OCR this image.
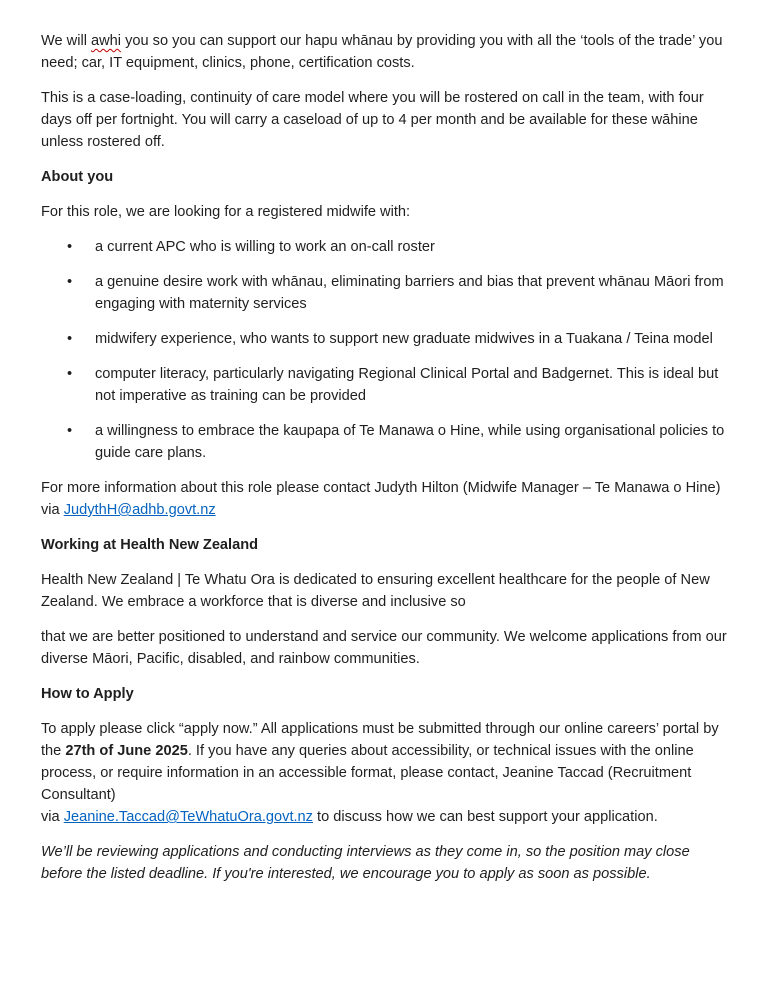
We will awhi you so you can support our hapu whānau by providing you with all the ‘tools of the trade’ you need; car, IT equipment, clinics, phone, certification costs.

This is a case-loading, continuity of care model where you will be rostered on call in the team, with four days off per fortnight. You will carry a caseload of up to 4 per month and be available for these wāhine unless rostered off.

About you

For this role, we are looking for a registered midwife with:

• a current APC who is willing to work an on-call roster
• a genuine desire work with whānau, eliminating barriers and bias that prevent whānau Māori from engaging with maternity services
• midwifery experience, who wants to support new graduate midwives in a Tuakana / Teina model
• computer literacy, particularly navigating Regional Clinical Portal and Badgernet. This is ideal but not imperative as training can be provided
• a willingness to embrace the kaupapa of Te Manawa o Hine, while using organisational policies to guide care plans.

For more information about this role please contact Judyth Hilton (Midwife Manager – Te Manawa o Hine) via JudythH@adhb.govt.nz

Working at Health New Zealand

Health New Zealand | Te Whatu Ora is dedicated to ensuring excellent healthcare for the people of New Zealand. We embrace a workforce that is diverse and inclusive so

that we are better positioned to understand and service our community. We welcome applications from our diverse Māori, Pacific, disabled, and rainbow communities.

How to Apply

To apply please click “apply now.” All applications must be submitted through our online careers’ portal by the 27th of June 2025. If you have any queries about accessibility, or technical issues with the online process, or require information in an accessible format, please contact, Jeanine Taccad (Recruitment Consultant)
via Jeanine.Taccad@TeWhatuOra.govt.nz to discuss how we can best support your application.

We’ll be reviewing applications and conducting interviews as they come in, so the position may close before the listed deadline. If you're interested, we encourage you to apply as soon as possible.
